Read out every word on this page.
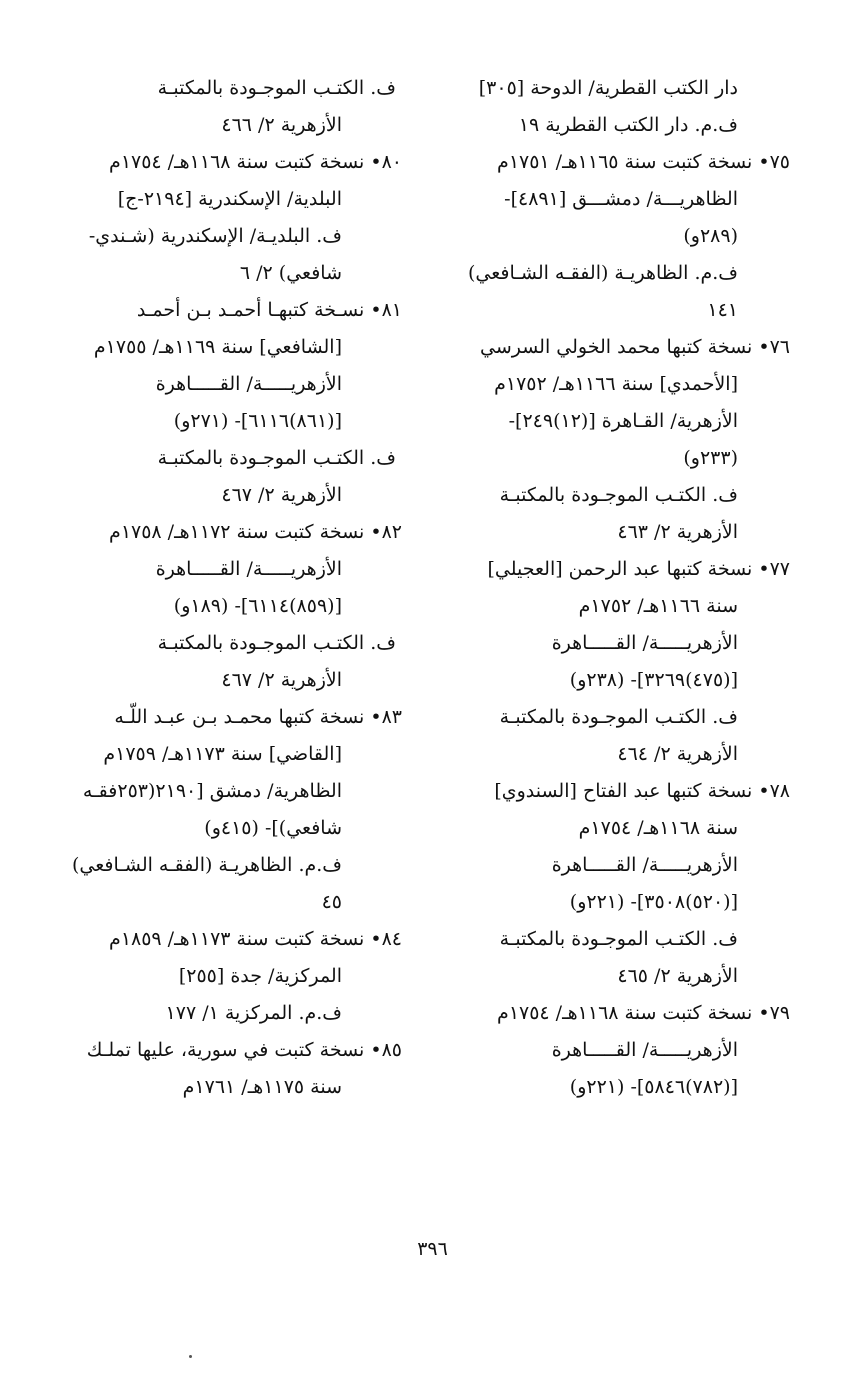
دار الكتب القطرية/ الدوحة [٣٠٥]
ف.م. دار الكتب القطرية ١٩
٧٥• نسخة كتبت سنة ١١٦٥هـ/ ١٧٥١م
الظاهريـــة/ دمشـــق [٤٨٩١]-
(٢٨٩و)
ف.م. الظاهريـة (الفقـه الشـافعي)
١٤١
٧٦• نسخة كتبها محمد الخولي السرسي
[الأحمدي] سنة ١١٦٦هـ/ ١٧٥٢م
الأزهرية/ القـاهرة [(١٢)٢٤٩]-
(٢٣٣و)
ف. الكتـب الموجـودة بالمكتبـة
الأزهرية ٢/ ٤٦٣
٧٧• نسخة كتبها عبد الرحمن [العجيلي]
سنة ١١٦٦هـ/ ١٧٥٢م
الأزهريـــــة/ القـــــاهرة
[(٤٧٥)٣٢٦٩]- (٢٣٨و)
ف. الكتـب الموجـودة بالمكتبـة
الأزهرية ٢/ ٤٦٤
٧٨• نسخة كتبها عبد الفتاح [السندوي]
سنة ١١٦٨هـ/ ١٧٥٤م
الأزهريـــــة/ القـــــاهرة
[(٥٢٠)٣٥٠٨]- (٢٢١و)
ف. الكتـب الموجـودة بالمكتبـة
الأزهرية ٢/ ٤٦٥
٧٩• نسخة كتبت سنة ١١٦٨هـ/ ١٧٥٤م
الأزهريـــــة/ القـــــاهرة
[(٧٨٢)٥٨٤٦]- (٢٢١و)
ف. الكتـب الموجـودة بالمكتبـة
الأزهرية ٢/ ٤٦٦
٨٠• نسخة كتبت سنة ١١٦٨هـ/ ١٧٥٤م
البلدية/ الإسكندرية [٢١٩٤-ج]
ف. البلديـة/ الإسكندرية (شـندي-
شافعي) ٢/ ٦
٨١• نسـخة كتبهـا أحمـد بـن أحمـد
[الشافعي] سنة ١١٦٩هـ/ ١٧٥٥م
الأزهريـــــة/ القـــــاهرة
[(٨٦١)٦١١٦]- (٢٧١و)
ف. الكتـب الموجـودة بالمكتبـة
الأزهرية ٢/ ٤٦٧
٨٢• نسخة كتبت سنة ١١٧٢هـ/ ١٧٥٨م
الأزهريـــــة/ القـــــاهرة
[(٨٥٩)٦١١٤]- (١٨٩و)
ف. الكتـب الموجـودة بالمكتبـة
الأزهرية ٢/ ٤٦٧
٨٣• نسخة كتبها محمـد بـن عبـد اللّـه
[القاضي] سنة ١١٧٣هـ/ ١٧٥٩م
الظاهرية/ دمشق [٢١٩٠(٢٥٣فقـه
شافعي)]- (٤١٥و)
ف.م. الظاهريـة (الفقـه الشـافعي)
٤٥
٨٤• نسخة كتبت سنة ١١٧٣هـ/ ١٨٥٩م
المركزية/ جدة [٢٥٥]
ف.م. المركزية ١/ ١٧٧
٨٥• نسخة كتبت في سورية، عليها تملـك
سنة ١١٧٥هـ/ ١٧٦١م
٣٩٦
